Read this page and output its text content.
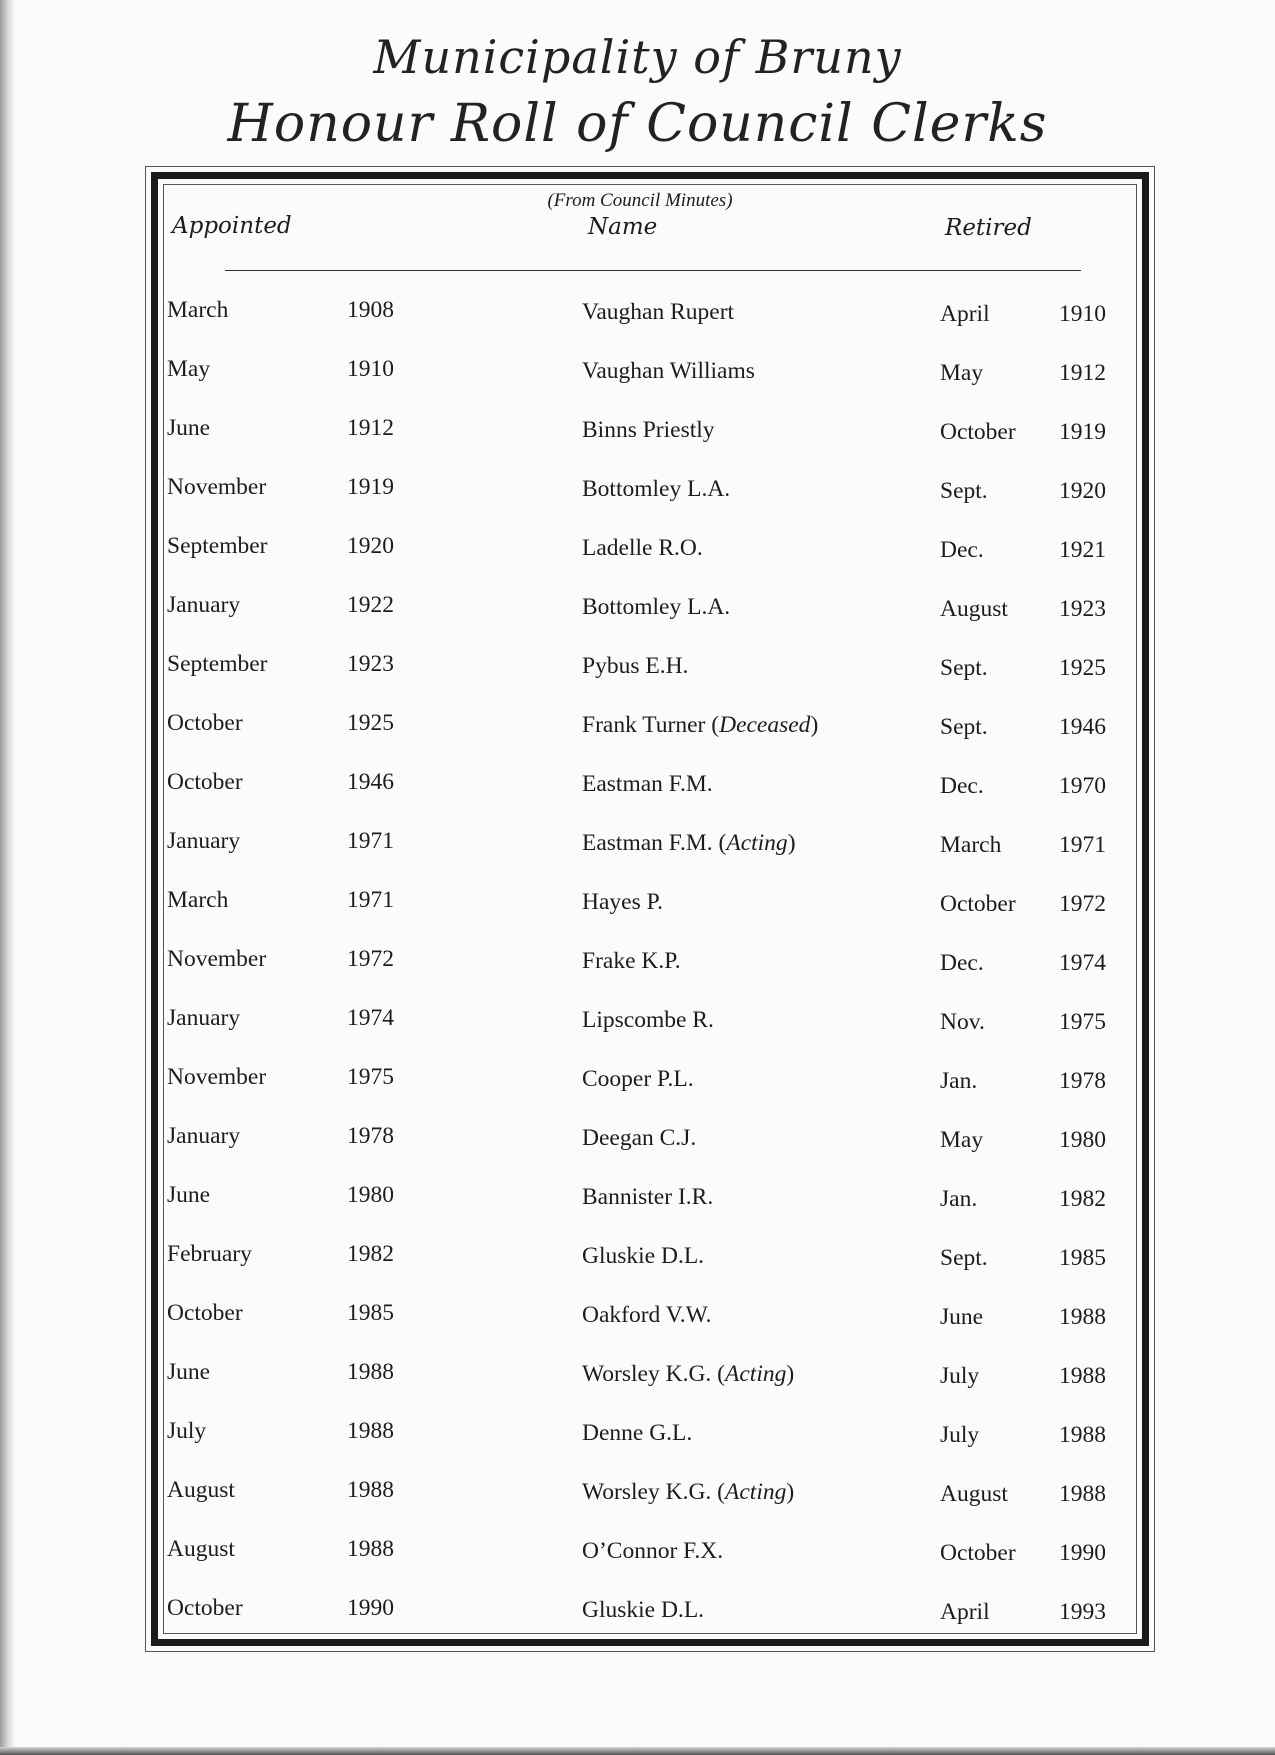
Municipality of Bruny
Honour Roll of Council Clerks
(From Council Minutes)
Appointed	Name	Retired
March	1908	Vaughan Rupert	April	1910
May	1910	Vaughan Williams	May	1912
June	1912	Binns Priestly	October 1919
November	1919	Bottomley L.A.	Sept.	1920
September	1920	Ladelle R.O.	Dec.	1921
January	1922	Bottomley L.A.	August 1923
September	1923	Pybus E.H.	Sept.	1925
October	1925	Frank Turner (Deceased)	Sept.	1946
October	1946	Eastman F.M.	Dec.	1970
January	1971	Eastman F.M. (Acting)	March 1971
March	1971	Hayes P.	October 1972
November	1972	Frake K.P.	Dec.	1974
January	1974	Lipscombe R.	Nov.	1975
November	1975	Cooper P.L.	Jan.	1978
January	1978	Deegan C.J.	May	1980
June	1980	Bannister I.R.	Jan.	1982
February	1982	Gluskie D.L.	Sept.	1985
October	1985	Oakford V.W.	June	1988
June	1988	Worsley K.G. (Acting)	July	1988
July	1988	Denne G.L.	July	1988
August	1988	Worsley K.G. (Acting)	August 1988
August	1988	O’Connor F.X.	October 1990
October	1990	Gluskie D.L.	April	1993
